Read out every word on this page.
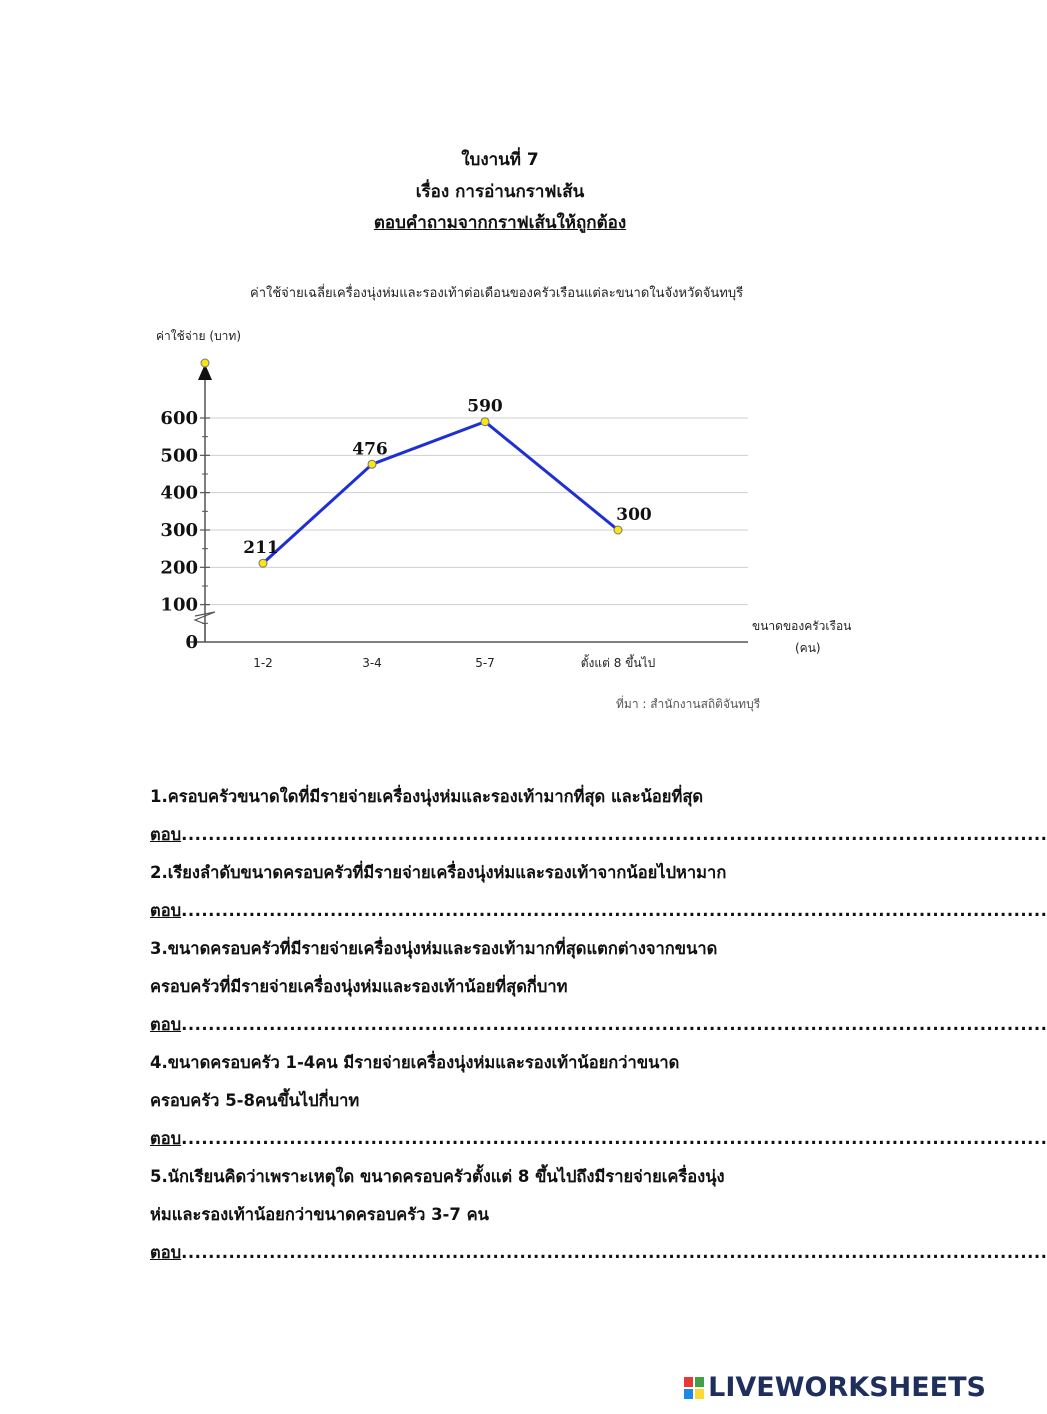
ใบงานที่ 7
เรื่อง การอ่านกราฟเส้น
ตอบคำถามจากกราฟเส้นให้ถูกต้อง
ค่าใช้จ่ายเฉลี่ยเครื่องนุ่งห่มและรองเท้าต่อเดือนของครัวเรือนแต่ละขนาดในจังหวัดจันทบุรี
ค่าใช้จ่าย (บาท)
0
100
200
300
400
500
600
1-2	3-4	5-7	ตั้งแต่ 8 ขึ้นไป
211
476
590
300
ขนาดของครัวเรือน
(คน)
ที่มา : สำนักงานสถิติจันทบุรี
1.ครอบครัวขนาดใดที่มีรายจ่ายเครื่องนุ่งห่มและรองเท้ามากที่สุด และน้อยที่สุด
ตอบ................................................................................................................................
2.เรียงลำดับขนาดครอบครัวที่มีรายจ่ายเครื่องนุ่งห่มและรองเท้าจากน้อยไปหามาก
ตอบ................................................................................................................................
3.ขนาดครอบครัวที่มีรายจ่ายเครื่องนุ่งห่มและรองเท้ามากที่สุดแตกต่างจากขนาด
ครอบครัวที่มีรายจ่ายเครื่องนุ่งห่มและรองเท้าน้อยที่สุดกี่บาท
ตอบ................................................................................................................................
4.ขนาดครอบครัว 1-4คน มีรายจ่ายเครื่องนุ่งห่มและรองเท้าน้อยกว่าขนาด
ครอบครัว 5-8คนขึ้นไปกี่บาท
ตอบ................................................................................................................................
5.นักเรียนคิดว่าเพราะเหตุใด ขนาดครอบครัวตั้งแต่ 8 ขึ้นไปถึงมีรายจ่ายเครื่องนุ่ง
ห่มและรองเท้าน้อยกว่าขนาดครอบครัว 3-7 คน
ตอบ................................................................................................................................
LIVEWORKSHEETS
